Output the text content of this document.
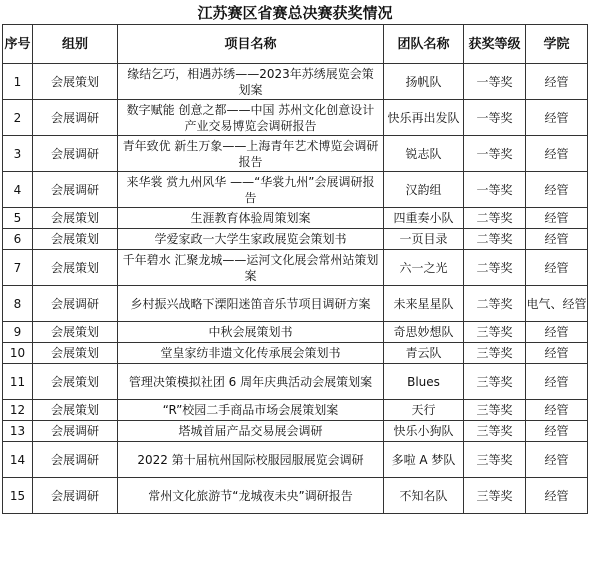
江苏赛区省赛总决赛获奖情况
序号	组别	项目名称	团队名称	获奖等级	学院
1	会展策划	缘结乞巧，相遇苏绣——2023年苏绣展览会策划案	扬帆队	一等奖	经管
2	会展调研	数字赋能 创意之都——中国 苏州文化创意设计产业交易博览会调研报告	快乐再出发队	一等奖	经管
3	会展调研	青年致优 新生万象——上海青年艺术博览会调研报告	锐志队	一等奖	经管
4	会展调研	来华裳 赏九州风华 ——“华裳九州”会展调研报告	汉韵组	一等奖	经管
5	会展策划	生涯教育体验周策划案	四重奏小队	二等奖	经管
6	会展策划	学爱家政一大学生家政展览会策划书	一页目录	二等奖	经管
7	会展策划	千年碧水 汇聚龙城——运河文化展会常州站策划案	六一之光	二等奖	经管
8	会展调研	乡村振兴战略下溧阳迷笛音乐节项目调研方案	未来星星队	二等奖	电气、经管
9	会展策划	中秋会展策划书	奇思妙想队	三等奖	经管
10	会展策划	堂皇家纺非遗文化传承展会策划书	青云队	三等奖	经管
11	会展策划	管理决策模拟社团 6 周年庆典活动会展策划案	Blues	三等奖	经管
12	会展策划	“R”校园二手商品市场会展策划案	天行	三等奖	经管
13	会展调研	塔城首届产品交易展会调研	快乐小狗队	三等奖	经管
14	会展调研	2022 第十届杭州国际校服园服展览会调研	多啦 A 梦队	三等奖	经管
15	会展调研	常州文化旅游节“龙城夜未央”调研报告	不知名队	三等奖	经管
